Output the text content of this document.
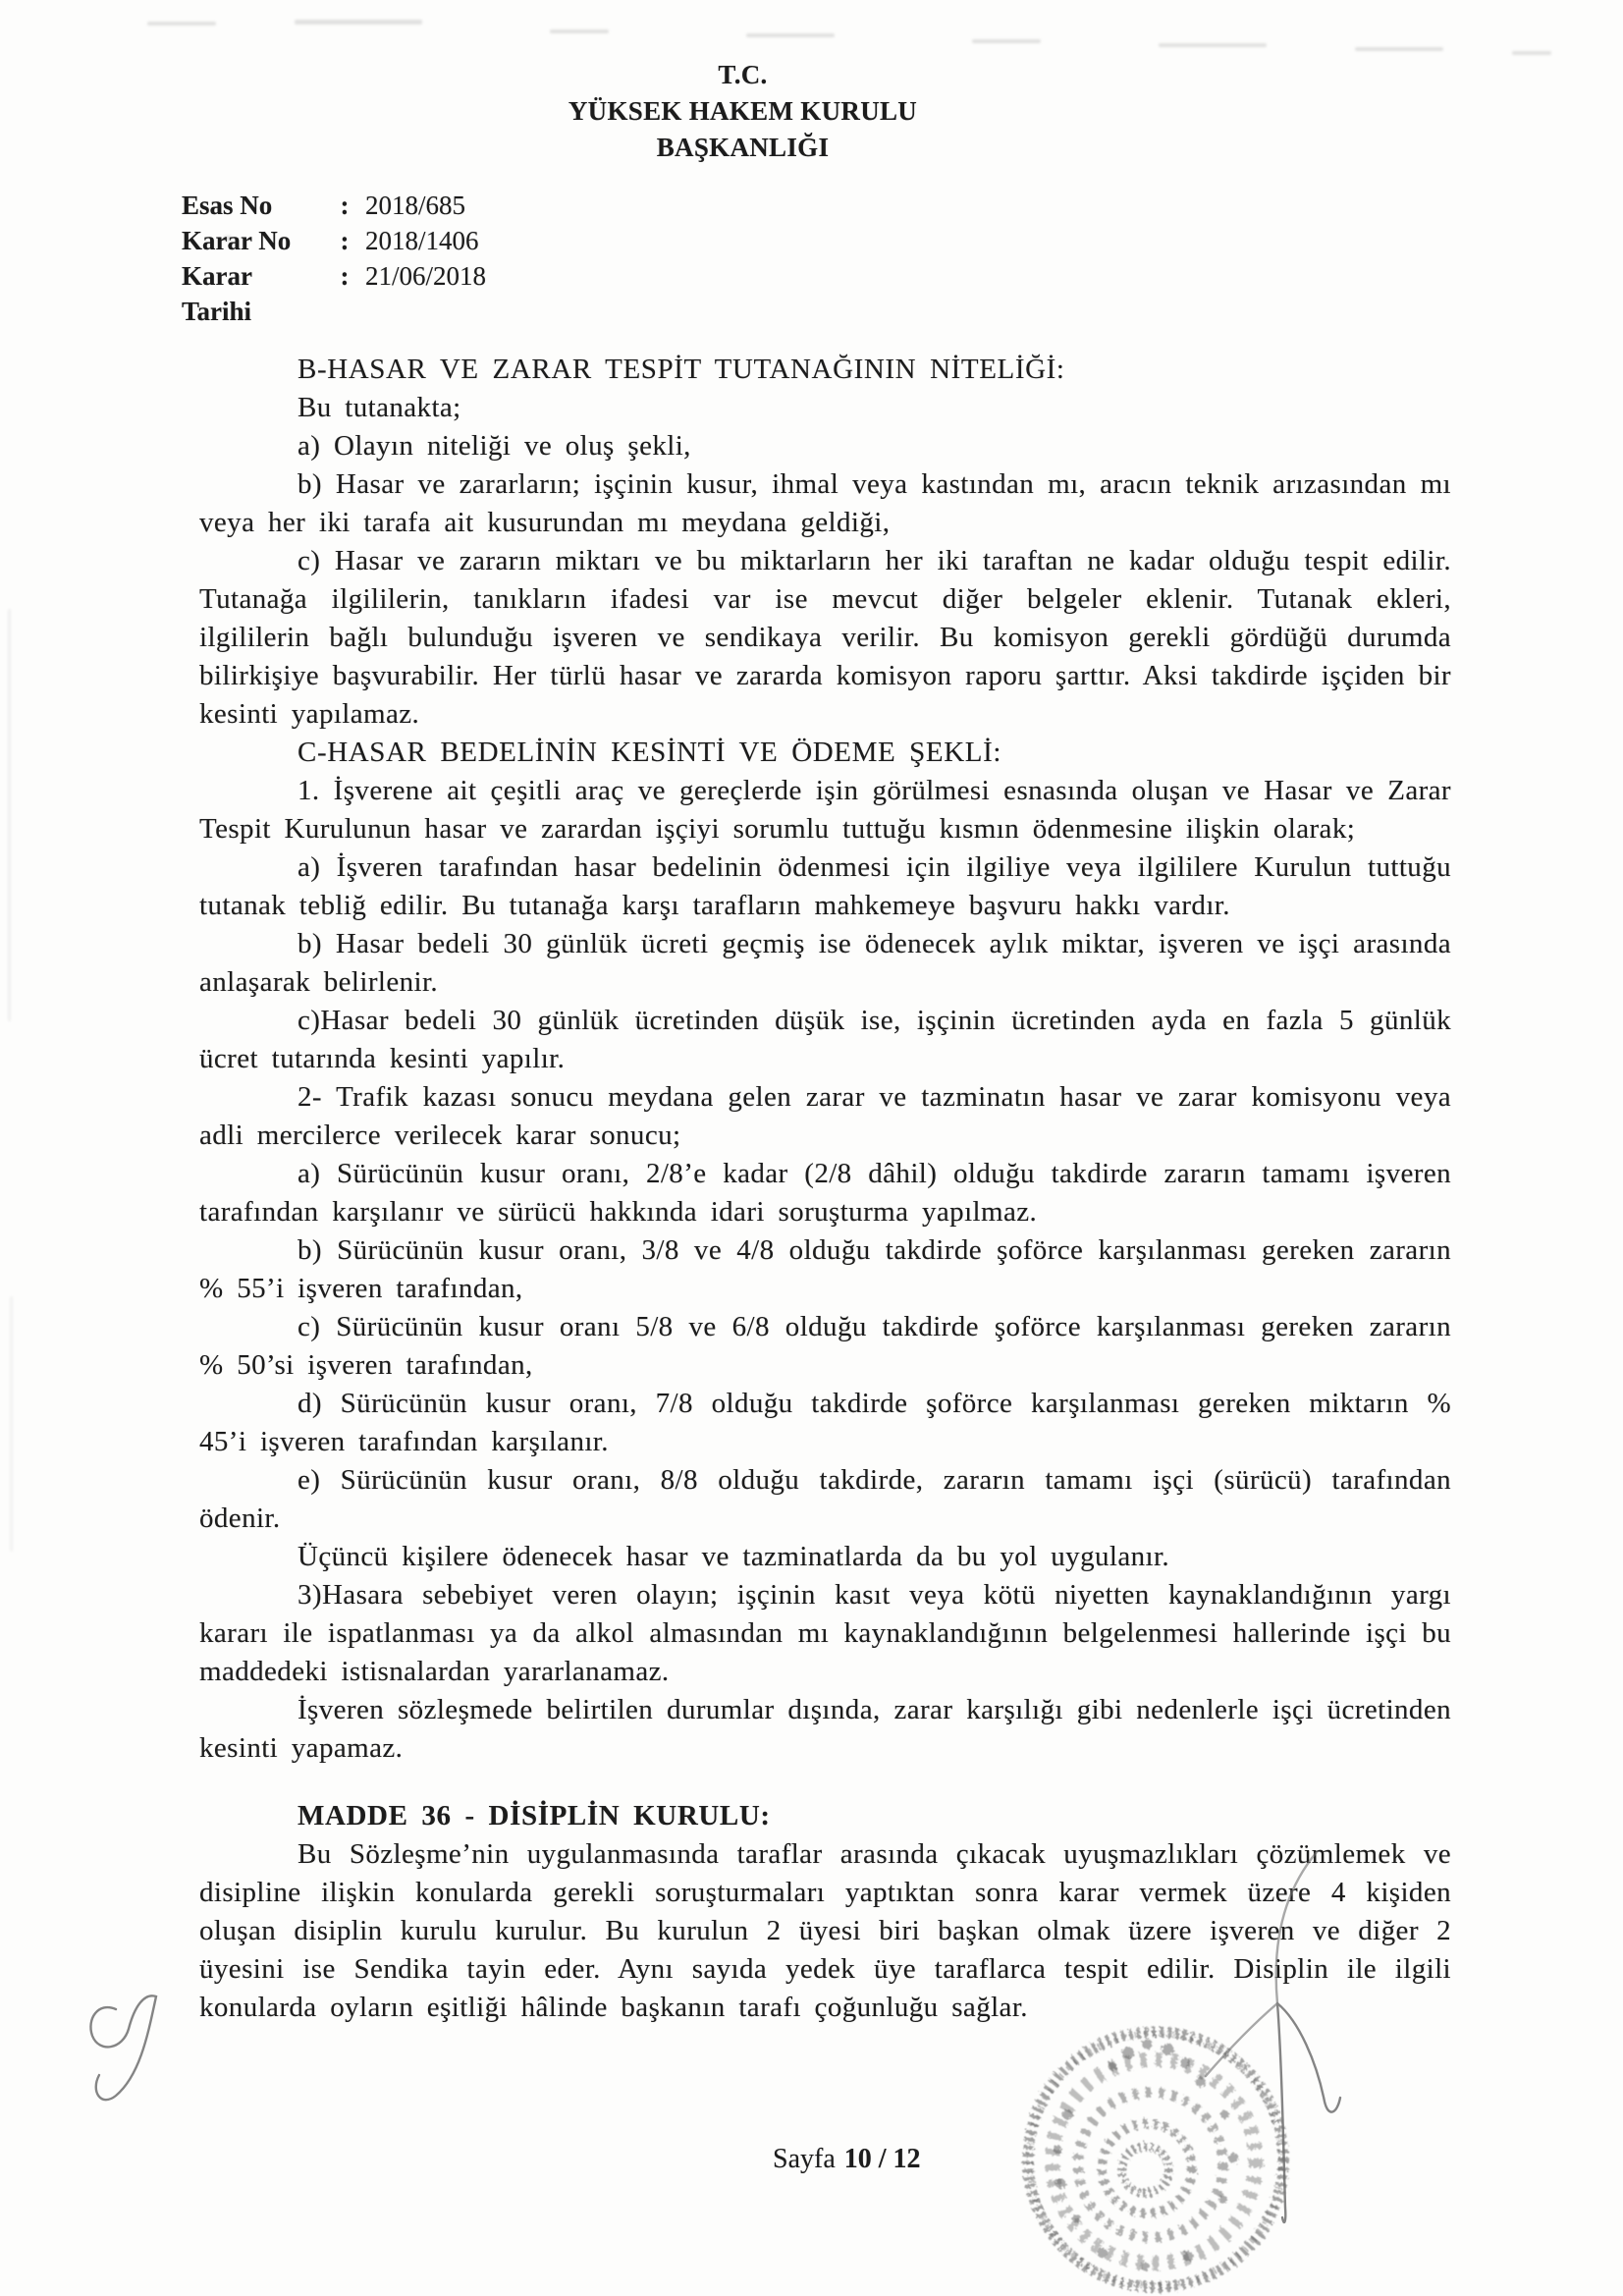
T.C.
YÜKSEK HAKEM KURULU
BAŞKANLIĞI
Esas No	: 2018/685
Karar No	: 2018/1406
Karar Tarihi
: 21/06/2018

B-HASAR VE ZARAR TESPİT TUTANAĞININ NİTELİĞİ:

Bu tutanakta;

a) Olayın niteliği ve oluş şekli,

b) Hasar ve zararların; işçinin kusur, ihmal veya kastından mı, aracın teknik arızasından mı veya her iki tarafa ait kusurundan mı meydana geldiği,

c) Hasar ve zararın miktarı ve bu miktarların her iki taraftan ne kadar olduğu tespit edilir. Tutanağa ilgililerin, tanıkların ifadesi var ise mevcut diğer belgeler eklenir. Tutanak ekleri, ilgililerin bağlı bulunduğu işveren ve sendikaya verilir. Bu komisyon gerekli gördüğü durumda bilirkişiye başvurabilir. Her türlü hasar ve zararda komisyon raporu şarttır. Aksi takdirde işçiden bir kesinti yapılamaz.

C-HASAR BEDELİNİN KESİNTİ VE ÖDEME ŞEKLİ:

1. İşverene ait çeşitli araç ve gereçlerde işin görülmesi esnasında oluşan ve Hasar ve Zarar Tespit Kurulunun hasar ve zarardan işçiyi sorumlu tuttuğu kısmın ödenmesine ilişkin olarak;

a) İşveren tarafından hasar bedelinin ödenmesi için ilgiliye veya ilgililere Kurulun tuttuğu tutanak tebliğ edilir. Bu tutanağa karşı tarafların mahkemeye başvuru hakkı vardır.

b) Hasar bedeli 30 günlük ücreti geçmiş ise ödenecek aylık miktar, işveren ve işçi arasında anlaşarak belirlenir.

c)Hasar bedeli 30 günlük ücretinden düşük ise, işçinin ücretinden ayda en fazla 5 günlük ücret tutarında kesinti yapılır.

2- Trafik kazası sonucu meydana gelen zarar ve tazminatın hasar ve zarar komisyonu veya adli mercilerce verilecek karar sonucu;

a) Sürücünün kusur oranı, 2/8’e kadar (2/8 dâhil) olduğu takdirde zararın tamamı işveren tarafından karşılanır ve sürücü hakkında idari soruşturma yapılmaz.

b) Sürücünün kusur oranı, 3/8 ve 4/8 olduğu takdirde şoförce karşılanması gereken zararın % 55’i işveren tarafından,

c) Sürücünün kusur oranı 5/8 ve 6/8 olduğu takdirde şoförce karşılanması gereken zararın % 50’si işveren tarafından,

d) Sürücünün kusur oranı, 7/8 olduğu takdirde şoförce karşılanması gereken miktarın % 45’i işveren tarafından karşılanır.

e) Sürücünün kusur oranı, 8/8 olduğu takdirde, zararın tamamı işçi (sürücü) tarafından ödenir.

Üçüncü kişilere ödenecek hasar ve tazminatlarda da bu yol uygulanır.

3)Hasara sebebiyet veren olayın; işçinin kasıt veya kötü niyetten kaynaklandığının yargı kararı ile ispatlanması ya da alkol almasından mı kaynaklandığının belgelenmesi hallerinde işçi bu maddedeki istisnalardan yararlanamaz.

İşveren sözleşmede belirtilen durumlar dışında, zarar karşılığı gibi nedenlerle işçi ücretinden kesinti yapamaz.

MADDE 36 - DİSİPLİN KURULU:

Bu Sözleşme’nin uygulanmasında taraflar arasında çıkacak uyuşmazlıkları çözümlemek ve disipline ilişkin konularda gerekli soruşturmaları yaptıktan sonra karar vermek üzere 4 kişiden oluşan disiplin kurulu kurulur. Bu kurulun 2 üyesi biri başkan olmak üzere işveren ve diğer 2 üyesini ise Sendika tayin eder. Aynı sayıda yedek üye taraflarca tespit edilir. Disiplin ile ilgili konularda oyların eşitliği hâlinde başkanın tarafı çoğunluğu sağlar.

Sayfa 10 / 12
